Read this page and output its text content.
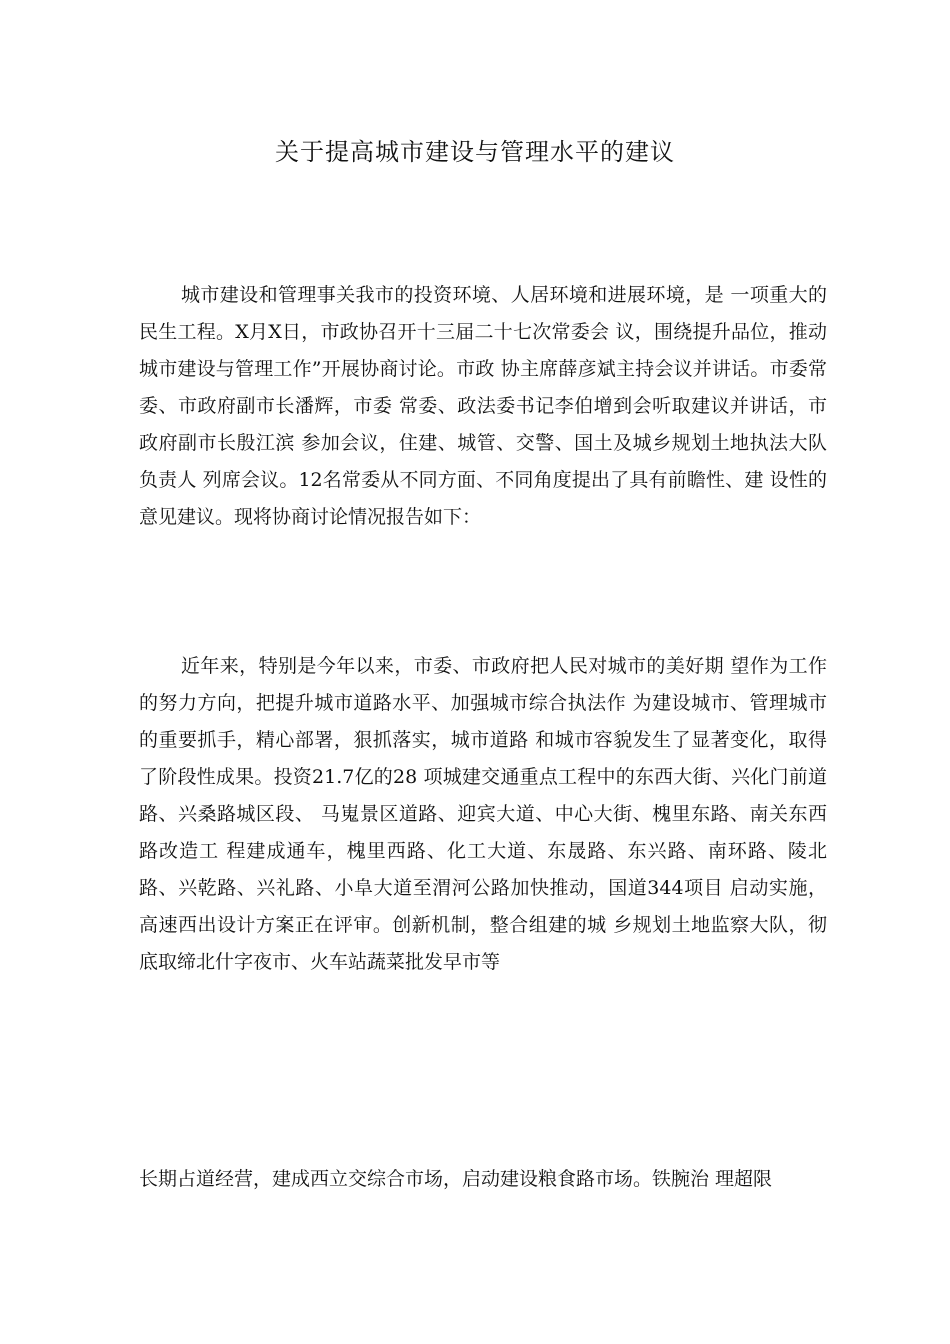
关于提高城市建设与管理水平的建议

城市建设和管理事关我市的投资环境、人居环境和进展环境，是 一项重大的民生工程。X月X日，市政协召开十三届二十七次常委会 议，围绕提升品位，推动城市建设与管理工作”开展协商讨论。市政 协主席薛彦斌主持会议并讲话。市委常委、市政府副市长潘辉，市委 常委、政法委书记李伯增到会听取建议并讲话，市政府副市长殷江滨 参加会议，住建、城管、交警、国土及城乡规划土地执法大队负责人 列席会议。12名常委从不同方面、不同角度提出了具有前瞻性、建 设性的意见建议。现将协商讨论情况报告如下：

近年来，特别是今年以来，市委、市政府把人民对城市的美好期 望作为工作的努力方向，把提升城市道路水平、加强城市综合执法作 为建设城市、管理城市的重要抓手，精心部署，狠抓落实，城市道路 和城市容貌发生了显著变化，取得了阶段性成果。投资21.7亿的28 项城建交通重点工程中的东西大街、兴化门前道路、兴桑路城区段、 马嵬景区道路、迎宾大道、中心大街、槐里东路、南关东西路改造工 程建成通车，槐里西路、化工大道、东晟路、东兴路、南环路、陵北 路、兴乾路、兴礼路、小阜大道至渭河公路加快推动，国道344项目 启动实施，高速西出设计方案正在评审。创新机制，整合组建的城 乡规划土地监察大队，彻底取缔北什字夜市、火车站蔬菜批发早市等

长期占道经营，建成西立交综合市场，启动建设粮食路市场。铁腕治 理超限
